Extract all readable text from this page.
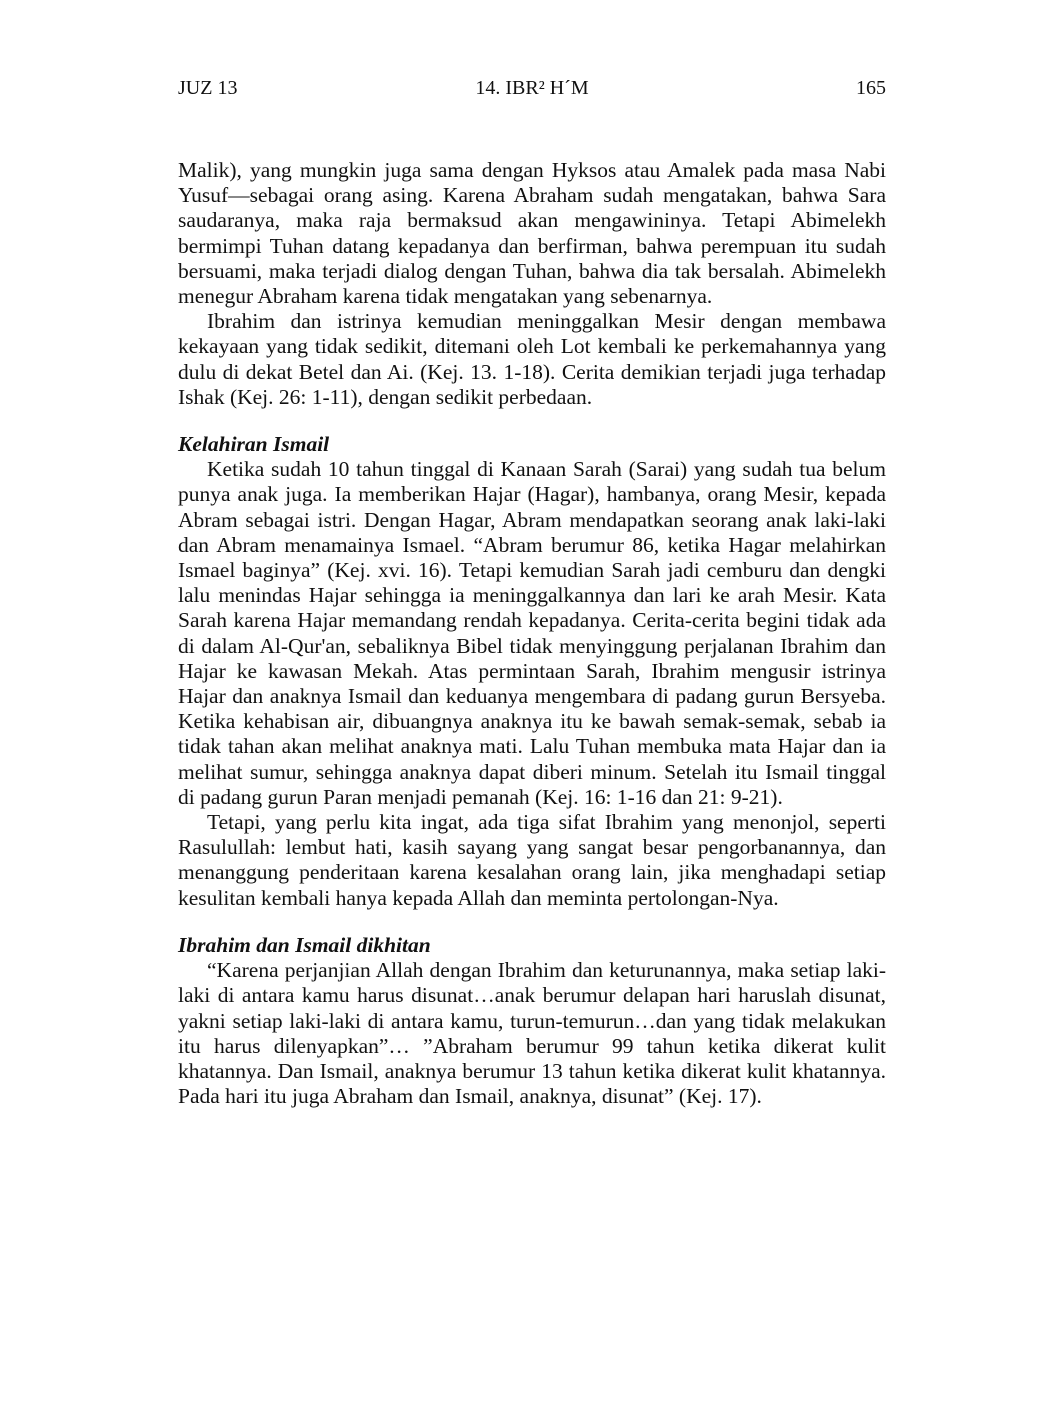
JUZ 13	14. IBR² H´M	165

Malik), yang mungkin juga sama dengan Hyksos atau Amalek pada masa Nabi Yusuf—sebagai orang asing. Karena Abraham sudah mengatakan, bahwa Sara saudaranya, maka raja bermaksud akan mengawininya. Tetapi Abimelekh bermimpi Tuhan datang kepadanya dan berfirman, bahwa perempuan itu sudah bersuami, maka terjadi dialog dengan Tuhan, bahwa dia tak bersalah. Abimelekh menegur Abraham karena tidak mengatakan yang sebenarnya.

Ibrahim dan istrinya kemudian meninggalkan Mesir dengan membawa kekayaan yang tidak sedikit, ditemani oleh Lot kembali ke perkemahannya yang dulu di dekat Betel dan Ai. (Kej. 13. 1-18). Cerita demikian terjadi juga terhadap Ishak (Kej. 26: 1-11), dengan sedikit perbedaan.

Kelahiran Ismail

Ketika sudah 10 tahun tinggal di Kanaan Sarah (Sarai) yang sudah tua belum punya anak juga. Ia memberikan Hajar (Hagar), hambanya, orang Mesir, kepada Abram sebagai istri. Dengan Hagar, Abram mendapatkan seorang anak laki-laki dan Abram menamainya Ismael. “Abram berumur 86, ketika Hagar melahirkan Ismael baginya” (Kej. xvi. 16). Tetapi kemudian Sarah jadi cemburu dan dengki lalu menindas Hajar sehingga ia meninggalkannya dan lari ke arah Mesir. Kata Sarah karena Hajar memandang rendah kepadanya. Cerita-cerita begini tidak ada di dalam Al-Qur'an, sebaliknya Bibel tidak menyinggung perjalanan Ibrahim dan Hajar ke kawasan Mekah. Atas permintaan Sarah, Ibrahim mengusir istrinya Hajar dan anaknya Ismail dan keduanya mengembara di padang gurun Bersyeba. Ketika kehabisan air, dibuangnya anaknya itu ke bawah semak-semak, sebab ia tidak tahan akan melihat anaknya mati. Lalu Tuhan membuka mata Hajar dan ia melihat sumur, sehingga anaknya dapat diberi minum. Setelah itu Ismail tinggal di padang gurun Paran menjadi pemanah (Kej. 16: 1-16 dan 21: 9-21).

Tetapi, yang perlu kita ingat, ada tiga sifat Ibrahim yang menonjol, seperti Rasulullah: lembut hati, kasih sayang yang sangat besar pengorbanannya, dan menanggung penderitaan karena kesalahan orang lain, jika menghadapi setiap kesulitan kembali hanya kepada Allah dan meminta pertolongan-Nya.

Ibrahim dan Ismail dikhitan

“Karena perjanjian Allah dengan Ibrahim dan keturunannya, maka setiap laki-laki di antara kamu harus disunat…anak berumur delapan hari haruslah disunat, yakni setiap laki-laki di antara kamu, turun-temurun…dan yang tidak melakukan itu harus dilenyapkan”… ”Abraham berumur 99 tahun ketika dikerat kulit khatannya. Dan Ismail, anaknya berumur 13 tahun ketika dikerat kulit khatannya. Pada hari itu juga Abraham dan Ismail, anaknya, disunat” (Kej. 17).
